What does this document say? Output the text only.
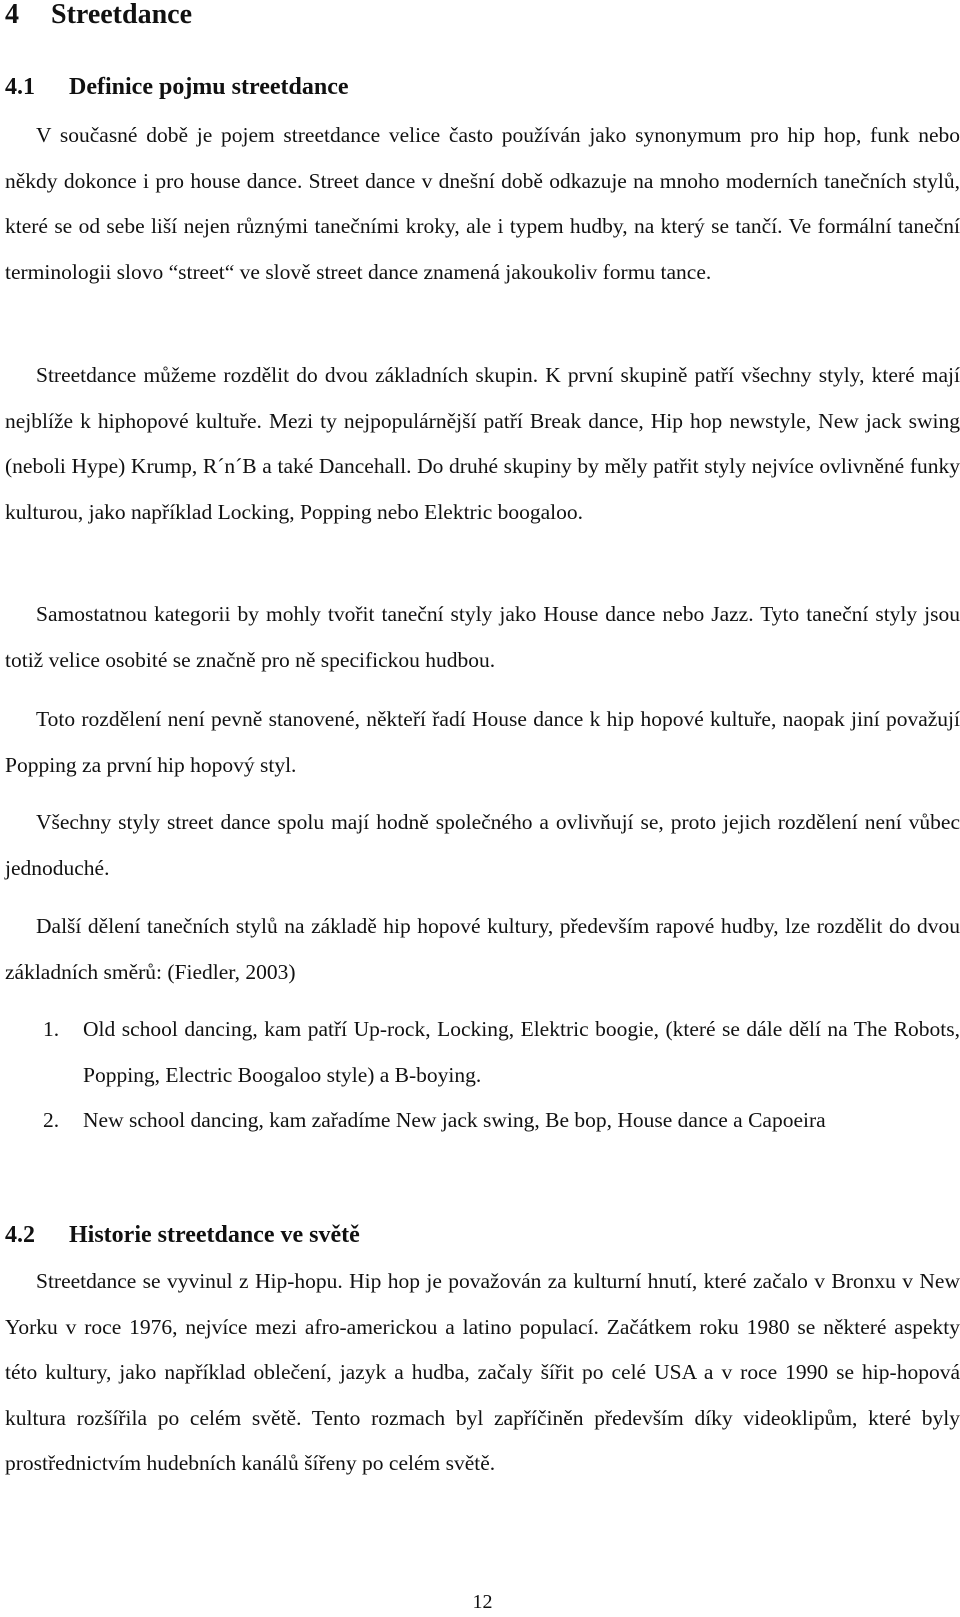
4 Streetdance
4.1 Definice pojmu streetdance

V současné době je pojem streetdance velice často používán jako synonymum pro hip hop, funk nebo někdy dokonce i pro house dance. Street dance v dnešní době odkazuje na mnoho moderních tanečních stylů, které se od sebe liší nejen různými tanečními kroky, ale i typem hudby, na který se tančí. Ve formální taneční terminologii slovo “street“ ve slově street dance znamená jakoukoliv formu tance.

Streetdance můžeme rozdělit do dvou základních skupin. K první skupině patří všechny styly, které mají nejblíže k hiphopové kultuře. Mezi ty nejpopulárnější patří Break dance, Hip hop newstyle, New jack swing (neboli Hype) Krump, R´n´B a také Dancehall. Do druhé skupiny by měly patřit styly nejvíce ovlivněné funky kulturou, jako například Locking, Popping nebo Elektric boogaloo.

Samostatnou kategorii by mohly tvořit taneční styly jako House dance nebo Jazz. Tyto taneční styly jsou totiž velice osobité se značně pro ně specifickou hudbou.

Toto rozdělení není pevně stanovené, někteří řadí House dance k hip hopové kultuře, naopak jiní považují Popping za první hip hopový styl.

Všechny styly street dance spolu mají hodně společného a ovlivňují se, proto jejich rozdělení není vůbec jednoduché.

Další dělení tanečních stylů na základě hip hopové kultury, především rapové hudby, lze rozdělit do dvou základních směrů: (Fiedler, 2003)

1. Old school dancing, kam patří Up-rock, Locking, Elektric boogie, (které se dále dělí na The Robots, Popping, Electric Boogaloo style) a B-boying.
2. New school dancing, kam zařadíme New jack swing, Be bop, House dance a Capoeira
4.2 Historie streetdance ve světě

Streetdance se vyvinul z Hip-hopu. Hip hop je považován za kulturní hnutí, které začalo v Bronxu v New Yorku v roce 1976, nejvíce mezi afro-americkou a latino populací. Začátkem roku 1980 se některé aspekty této kultury, jako například oblečení, jazyk a hudba, začaly šířit po celé USA a v roce 1990 se hip-hopová kultura rozšířila po celém světě. Tento rozmach byl zapříčiněn především díky videoklipům, které byly prostřednictvím hudebních kanálů šířeny po celém světě.

12
